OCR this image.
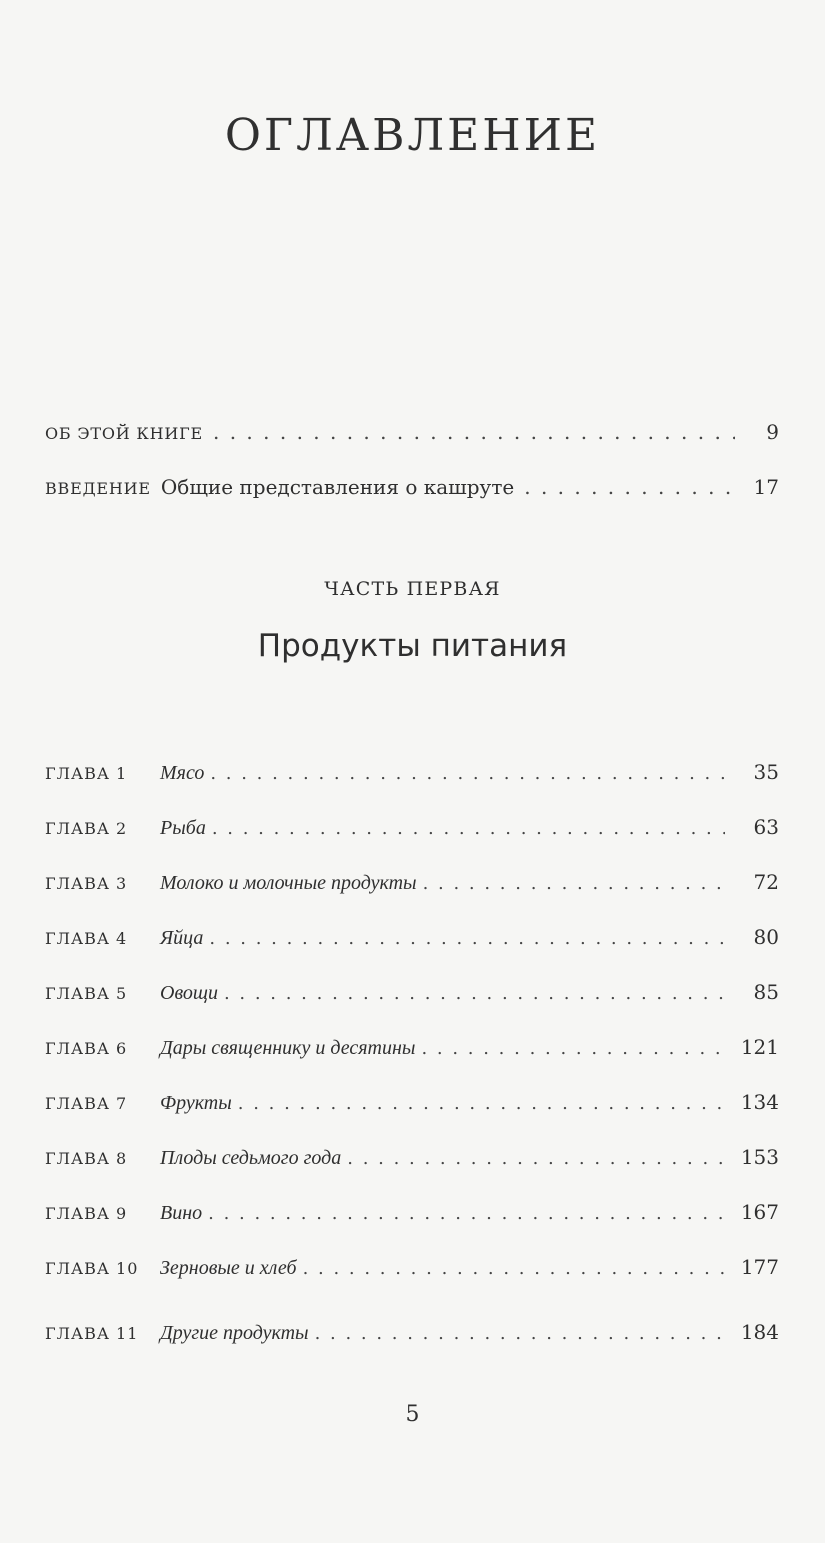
ОГЛАВЛЕНИЕ
ОБ ЭТОЙ КНИГЕ . . .	9
ВВЕДЕНИЕ Общие представления о кашруте . . .	17
ЧАСТЬ ПЕРВАЯ
Продукты питания
ГЛАВА 1	Мясо . . .	35
ГЛАВА 2	Рыба . . .	63
ГЛАВА 3	Молоко и молочные продукты . . .	72
ГЛАВА 4	Яйца . . .	80
ГЛАВА 5	Овощи . . .	85
ГЛАВА 6	Дары священнику и десятины . . .	121
ГЛАВА 7	Фрукты . . .	134
ГЛАВА 8	Плоды седьмого года . . .	153
ГЛАВА 9	Вино . . .	167
ГЛАВА 10	Зерновые и хлеб . . .	177
ГЛАВА 11	Другие продукты . . .	184
5
